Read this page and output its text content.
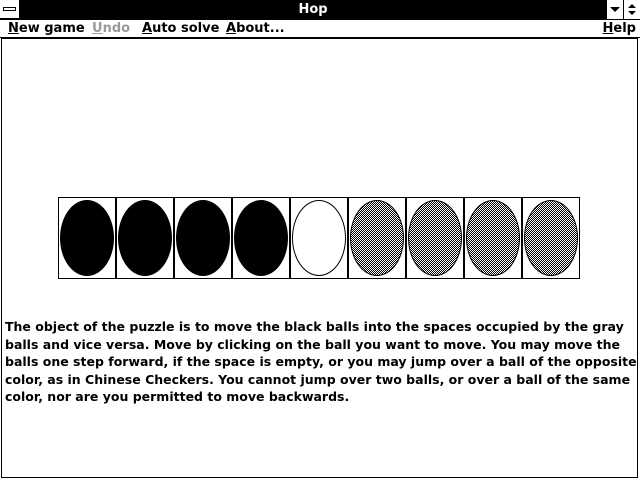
Hop
New game Undo Auto solve About...	Help

The object of the puzzle is to move the black balls into the spaces occupied by the gray balls and vice versa. Move by clicking on the ball you want to move. You may move the balls one step forward, if the space is empty, or you may jump over a ball of the opposite color, as in Chinese Checkers. You cannot jump over two balls, or over a ball of the same color, nor are you permitted to move backwards.
